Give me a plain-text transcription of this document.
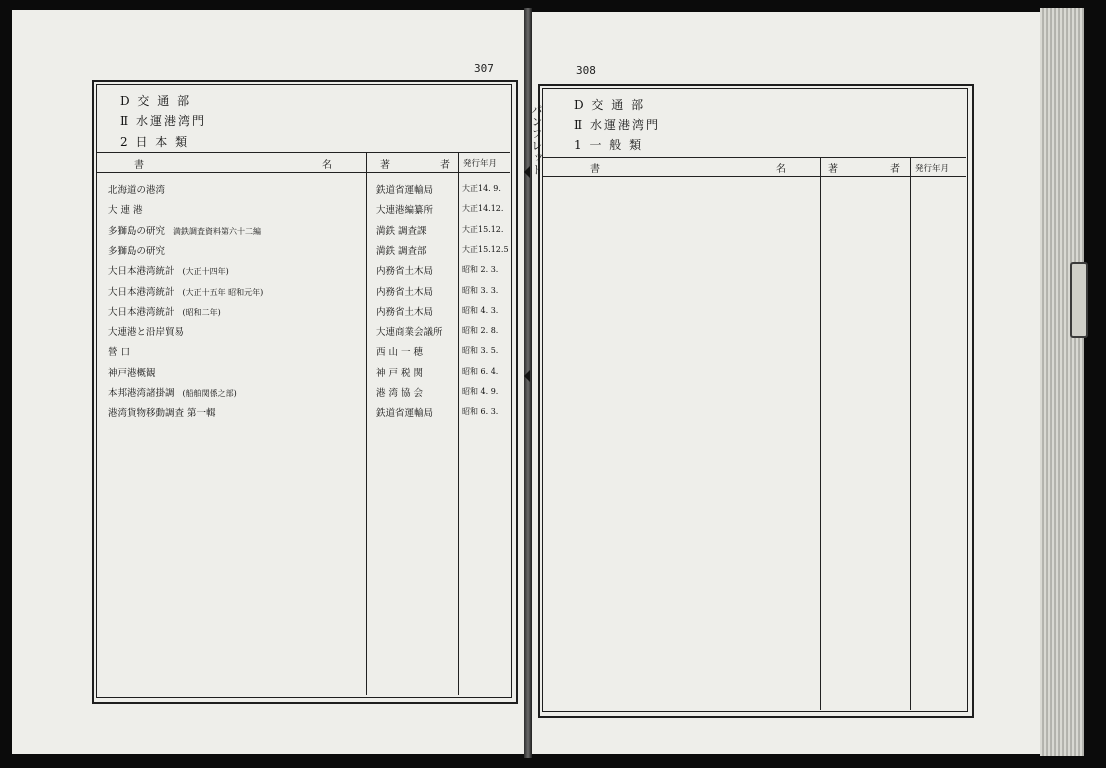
307
D 交 通 部
Ⅱ 水運港湾門
2 日 本 類
書	名	著	者 発行年月
北海道の港湾	鉄道省運輸局	大正14. 9.
大 連 港	大連港編纂所	大正14.12.
多獅島の研究 満鉄調査資料第六十二編	満鉄 調査課	大正15.12.
多獅島の研究	満鉄 調査部	大正15.12.5
大日本港湾統計 (大正十四年)	内務省土木局	昭和 2. 3.
大日本港湾統計 (大正十五年 昭和元年)	内務省土木局	昭和 3. 3.
大日本港湾統計 (昭和二年)	内務省土木局	昭和 4. 3.
大連港と沿岸貿易	大連商業会議所 昭和 2. 8.
營 口	西 山 一 穂	昭和 3. 5.
神戸港概観	神 戸 税 関	昭和 6. 4.
本邦港湾諸掛調 (船舶関係之部)	港 湾 協 会	昭和 4. 9.
港湾貨物移動調査 第一輯	鉄道省運輸局	昭和 6. 3.
308
D 交 通 部
Ⅱ 水運港湾門
1 一 般 類
書	名	著	者 発行年月
パンフレット
